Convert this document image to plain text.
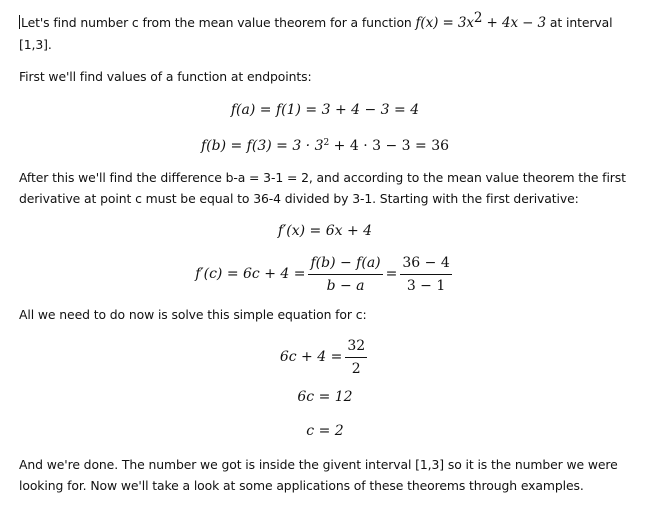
Let's find number c from the mean value theorem for a function $f(x) = 3x^2 + 4x - 3$ at interval
[1,3].

First we'll find values of a function at endpoints:

f(a) = f(1) = 3 + 4 − 3 = 4

$f(b) = f(3) = 3 \cdot 3^2 + 4 \cdot 3 - 3 = 36$

After this we'll find the difference b-a = 3-1 = 2, and according to the mean value theorem the first
derivative at point c must be equal to 36-4 divided by 3-1. Starting with the first derivative:

f′(x) = 6x + 4

$f'(c) = 6c + 4 = \frac{f(b) - f(a)}{b - a} = \frac{36 - 4}{3 - 1}$

All we need to do now is solve this simple equation for c:

$6c + 4 = \frac{32}{2}$

6c = 12

c = 2

And we're done. The number we got is inside the givent interval [1,3] so it is the number we were
looking for. Now we'll take a look at some applications of these theorems through examples.
